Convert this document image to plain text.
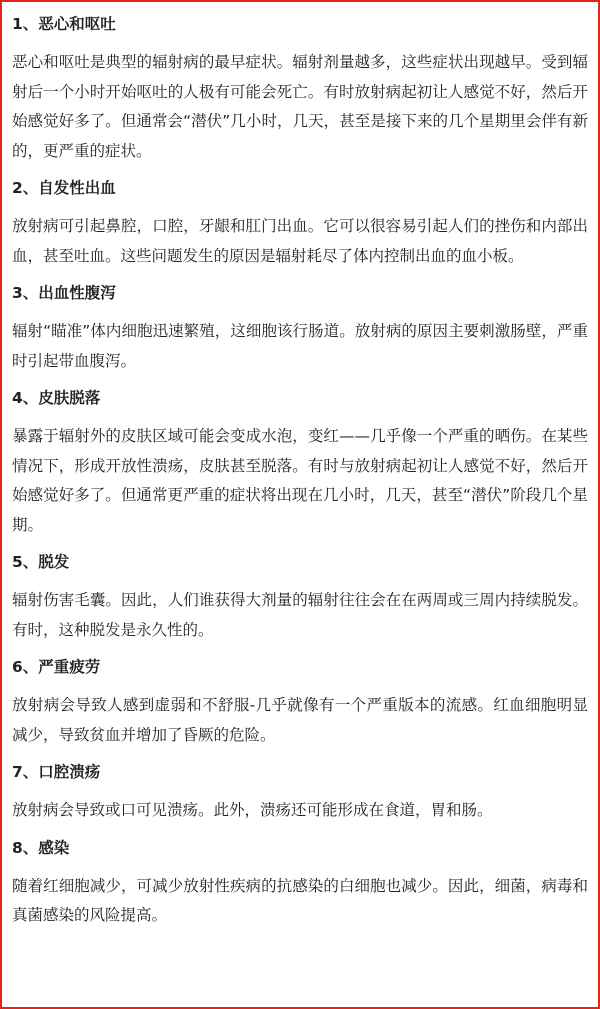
1、恶心和呕吐
恶心和呕吐是典型的辐射病的最早症状。辐射剂量越多，这些症状出现越早。受到辐射后一个小时开始呕吐的人极有可能会死亡。有时放射病起初让人感觉不好，然后开始感觉好多了。但通常会“潜伏”几小时，几天，甚至是接下来的几个星期里会伴有新的，更严重的症状。
2、自发性出血
放射病可引起鼻腔，口腔，牙龈和肛门出血。它可以很容易引起人们的挫伤和内部出血，甚至吐血。这些问题发生的原因是辐射耗尽了体内控制出血的血小板。
3、出血性腹泻
辐射“瞄准”体内细胞迅速繁殖，这细胞该行肠道。放射病的原因主要刺激肠壁，严重时引起带血腹泻。
4、皮肤脱落
暴露于辐射外的皮肤区域可能会变成水泡，变红——几乎像一个严重的晒伤。在某些情况下，形成开放性溃疡，皮肤甚至脱落。有时与放射病起初让人感觉不好，然后开始感觉好多了。但通常更严重的症状将出现在几小时，几天，甚至“潜伏”阶段几个星期。
5、脱发
辐射伤害毛囊。因此，人们谁获得大剂量的辐射往往会在在两周或三周内持续脱发。有时，这种脱发是永久性的。
6、严重疲劳
放射病会导致人感到虚弱和不舒服-几乎就像有一个严重版本的流感。红血细胞明显减少，导致贫血并增加了昏厥的危险。
7、口腔溃疡
放射病会导致或口可见溃疡。此外，溃疡还可能形成在食道，胃和肠。
8、感染
随着红细胞减少，可减少放射性疾病的抗感染的白细胞也减少。因此，细菌，病毒和真菌感染的风险提高。
